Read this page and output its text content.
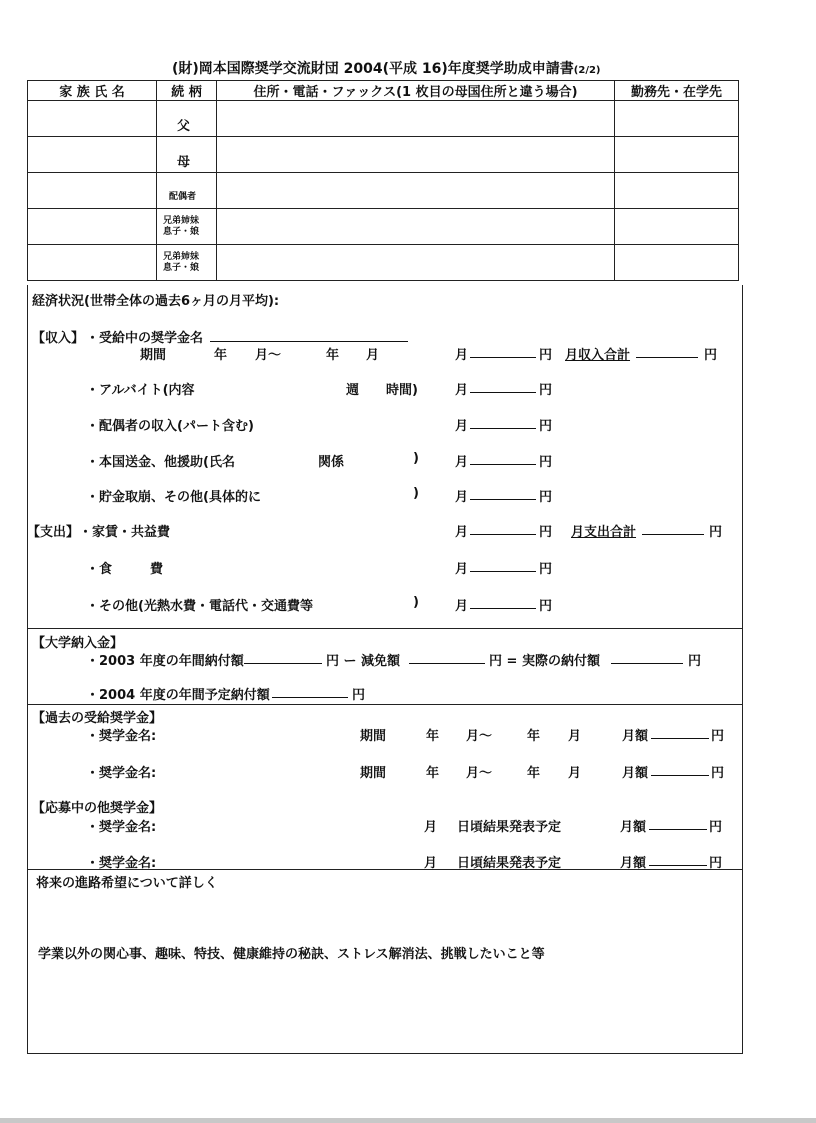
(財)岡本国際奨学交流財団 2004(平成 16)年度奨学助成申請書(2/2)
家 族 氏 名	続 柄	住所・電話・ファックス(1 枚目の母国住所と違う場合)	勤務先・在学先
	父		
	母		
	配偶者		
	兄弟姉妹
息子・娘		
	兄弟姉妹
息子・娘		
経済状況(世帯全体の過去6ヶ月の月平均):
【収入】 ・受給中の奨学金名
期間	年 月〜	年 月	月	円 月収入合計	円
・アルバイト(内容	週 時間)	月	円
・配偶者の収入(パート含む)	月	円
・本国送金、他援助(氏名	関係	)	月	円
・貯金取崩、その他(具体的に	)	月	円
【支出】 ・家賃・共益費	月	円 月支出合計	円
・食	費	月	円
・その他(光熱水費・電話代・交通費等	)	月	円
【大学納入金】
・2003 年度の年間納付額	円 ー 減免額	円 = 実際の納付額	円
・2004 年度の年間予定納付額	円
【過去の受給奨学金】
・奨学金名:	期間	年 月〜	年 月	月額	円
・奨学金名:	期間	年 月〜	年 月	月額	円
【応募中の他奨学金】
・奨学金名:	月 日頃結果発表予定	月額	円
・奨学金名:	月 日頃結果発表予定	月額	円
将来の進路希望について詳しく
学業以外の関心事、趣味、特技、健康維持の秘訣、ストレス解消法、挑戦したいこと等
